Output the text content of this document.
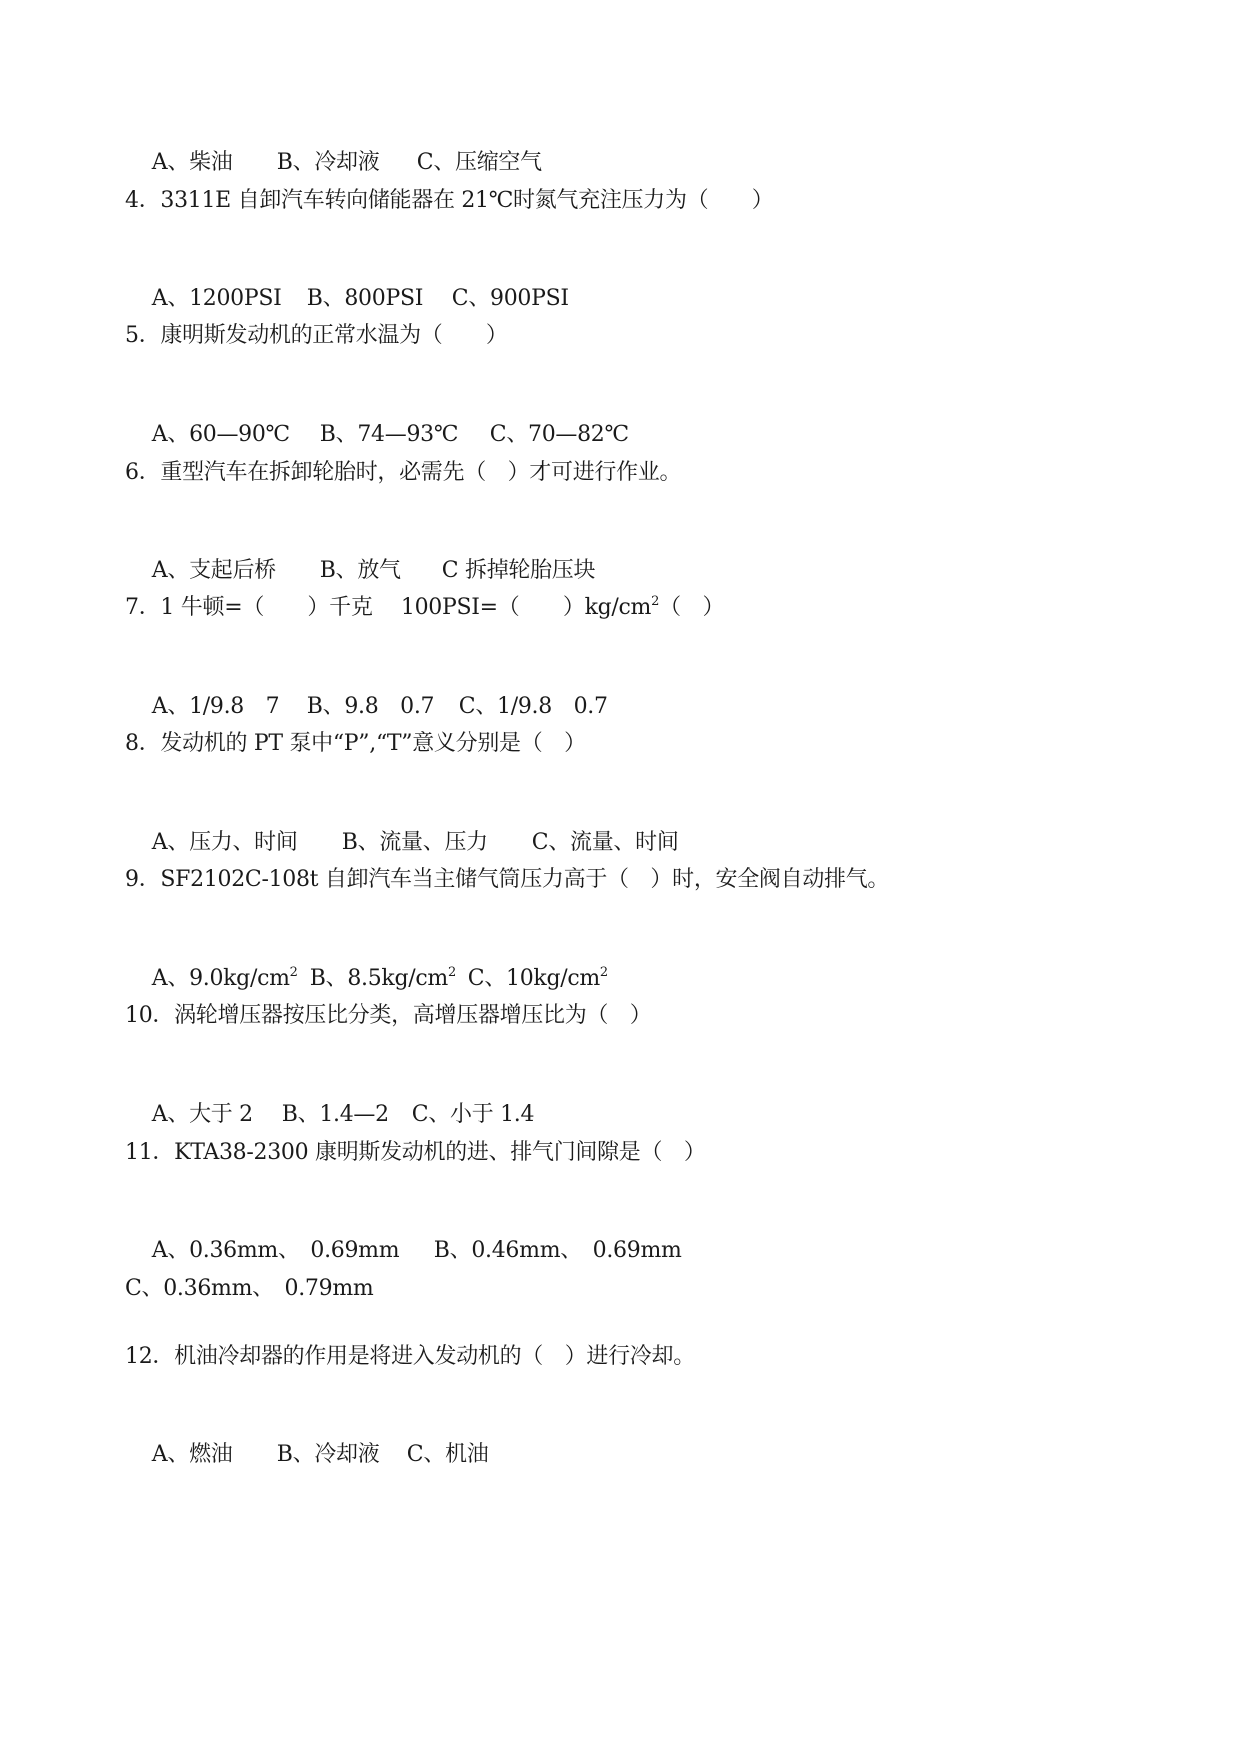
A、柴油 B、冷却液 C、压缩空气

4．3311E 自卸汽车转向储能器在 21℃时氮气充注压力为（　　）

A、1200PSI B、800PSI C、900PSI

5．康明斯发动机的正常水温为（　　）

A、60—90℃ B、74—93℃ C、70—82℃

6．重型汽车在拆卸轮胎时，必需先（　）才可进行作业。

A、支起后桥 B、放气 C 拆掉轮胎压块

7．1 牛顿=（　　）千克　 100PSI=（　　）$kg/cm^2$（　）

A、1/9.8　7 B、9.8　0.7 C、1/9.8　0.7

8．发动机的 PT 泵中“P”,“T”意义分别是（　）

A、压力、时间 B、流量、压力 C、流量、时间

9．SF2102C-108t 自卸汽车当主储气筒压力高于（　）时，安全阀自动排气。

A、$9.0kg/cm^2$ B、$8.5kg/cm^2$ C、$10kg/cm^2$

10．涡轮增压器按压比分类，高增压器增压比为（　）

A、大于 2 B、1.4—2 C、小于 1.4

11．KTA38-2300 康明斯发动机的进、排气门间隙是（　）

A、0.36mm、　0.69mm B、0.46mm、　0.69mm

C、0.36mm、　0.79mm
12．机油冷却器的作用是将进入发动机的（　）进行冷却。

A、燃油 B、冷却液 C、机油
